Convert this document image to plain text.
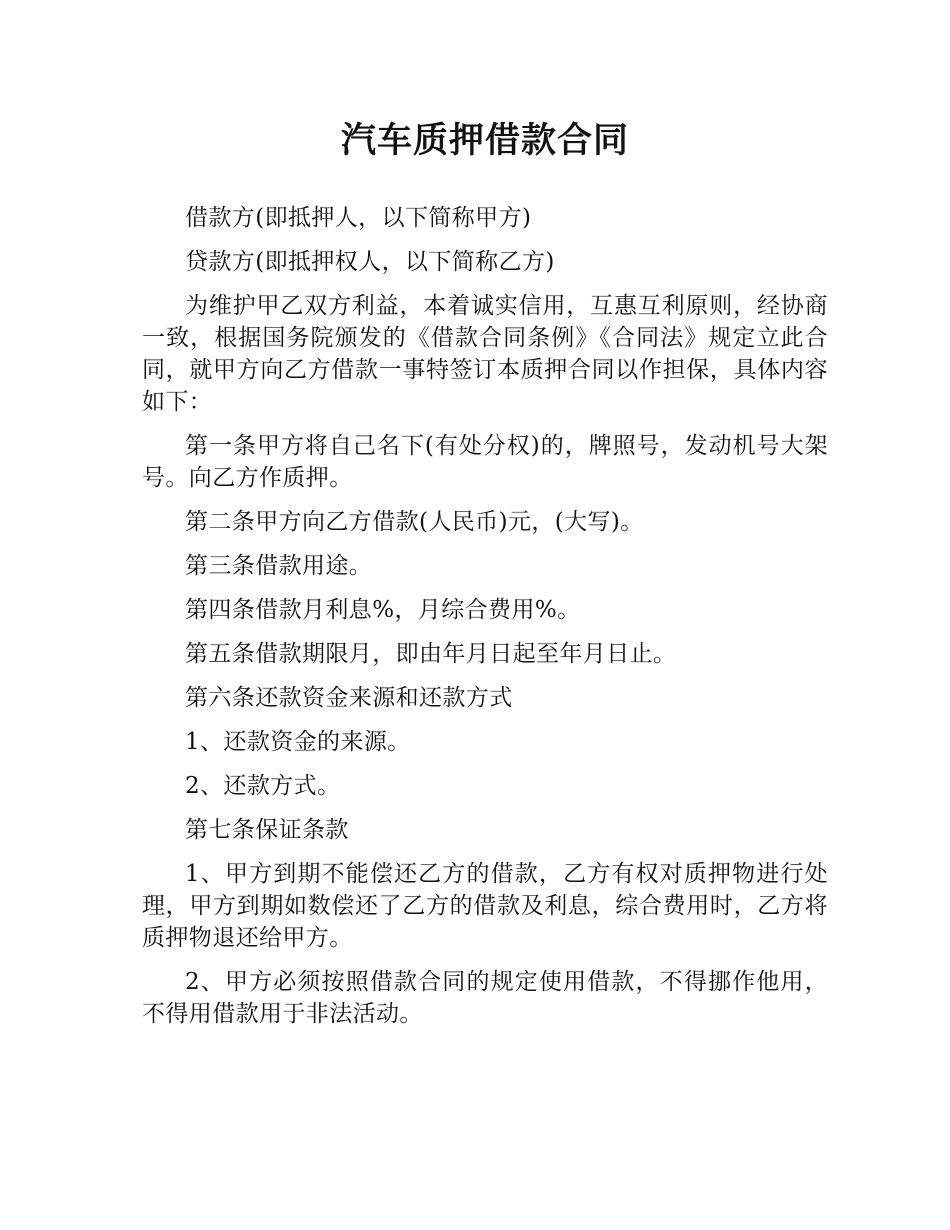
汽车质押借款合同

借款方(即抵押人，以下简称甲方)

贷款方(即抵押权人，以下简称乙方)

为维护甲乙双方利益，本着诚实信用，互惠互利原则，经协商一致，根据国务院颁发的《借款合同条例》《合同法》规定立此合同，就甲方向乙方借款一事特签订本质押合同以作担保，具体内容如下：

第一条甲方将自己名下(有处分权)的，牌照号，发动机号大架号。向乙方作质押。

第二条甲方向乙方借款(人民币)元，(大写)。

第三条借款用途。

第四条借款月利息%，月综合费用%。

第五条借款期限月，即由年月日起至年月日止。

第六条还款资金来源和还款方式

1、还款资金的来源。

2、还款方式。

第七条保证条款

1、甲方到期不能偿还乙方的借款，乙方有权对质押物进行处理，甲方到期如数偿还了乙方的借款及利息，综合费用时，乙方将质押物退还给甲方。

2、甲方必须按照借款合同的规定使用借款，不得挪作他用，不得用借款用于非法活动。
